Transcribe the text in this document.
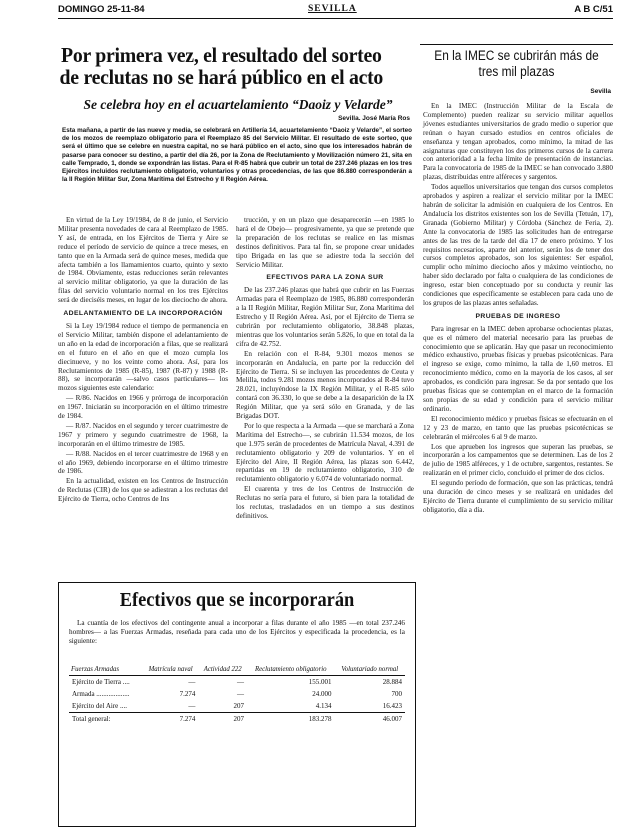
DOMINGO 25-11-84	SEVILLA	A B C/51
Por primera vez, el resultado del sorteo de reclutas no se hará público en el acto
Se celebra hoy en el acuartelamiento “Daoiz y Velarde”
Sevilla. José María Ros
Esta mañana, a partir de las nueve y media, se celebrará en Artillería 14, acuartelamiento “Daoiz y Velarde”, el sorteo de los mozos de reemplazo obligatorio para el Reemplazo 85 del Servicio Militar. El resultado de este sorteo, que será el último que se celebre en nuestra capital, no se hará público en el acto, sino que los interesados habrán de pasarse para conocer su destino, a partir del día 26, por la Zona de Reclutamiento y Movilización número 21, sita en calle Temprado, 1, donde se expondrán las listas. Para el R-85 habrá que cubrir un total de 237.246 plazas en los tres Ejércitos incluidos reclutamiento obligatorio, voluntarios y otras procedencias, de las que 86.880 corresponderán a la II Región Militar Sur, Zona Marítima del Estrecho y II Región Aérea.

En virtud de la Ley 19/1984, de 8 de junio, el Servicio Militar presenta novedades de cara al Reemplazo de 1985. Y así, de entrada, en los Ejércitos de Tierra y Aire se reduce el período de servicio de quince a trece meses, en tanto que en la Armada será de quince meses, medida que afecta también a los llamamientos cuarto, quinto y sexto de 1984. Obviamente, estas reducciones serán relevantes al servicio militar obligatorio, ya que la duración de las filas del servicio voluntario normal en los tres Ejércitos será de dieciséis meses, en lugar de los dieciocho de ahora.

ADELANTAMIENTO DE LA INCORPORACIÓN

Si la Ley 19/1984 reduce el tiempo de permanencia en el Servicio Militar, también dispone el adelantamiento de un año en la edad de incorporación a filas, que se realizará en el futuro en el año en que el mozo cumpla los diecinueve, y no los veinte como ahora. Así, para los Reclutamientos de 1985 (R-85), 1987 (R-87) y 1988 (R-88), se incorporarán —salvo casos particulares— los mozos siguientes este calendario:

— R/86. Nacidos en 1966 y prórroga de incorporación en 1967. Iniciarán su incorporación en el último trimestre de 1984.

— R/87. Nacidos en el segundo y tercer cuatrimestre de 1967 y primero y segundo cuatrimestre de 1968, la incorporarán en el último trimestre de 1985.

— R/88. Nacidos en el tercer cuatrimestre de 1968 y en el año 1969, debiendo incorporarse en el último trimestre de 1986.

En la actualidad, existen en los Centros de Instrucción de Reclutas (CIR) de los que se adiestran a los reclutas del Ejército de Tierra, ocho Centros de Ins

trucción, y en un plazo que desaparecerán —en 1985 lo hará el de Obejo— progresivamente, ya que se pretende que la preparación de los reclutas se realice en las mismas destinos definitivos. Para tal fin, se propone crear unidades tipo Brigada en las que se adiestre toda la sección del Servicio Militar.

EFECTIVOS PARA LA ZONA SUR

De las 237.246 plazas que habrá que cubrir en las Fuerzas Armadas para el Reemplazo de 1985, 86.880 corresponderán a la II Región Militar, Región Militar Sur, Zona Marítima del Estrecho y II Región Aérea. Así, por el Ejército de Tierra se cubrirán por reclutamiento obligatorio, 38.848 plazas, mientras que los voluntarios serán 5.826, lo que en total da la cifra de 42.752.

En relación con el R-84, 9.301 mozos menos se incorporarán en Andalucía, en parte por la reducción del Ejército de Tierra. Si se incluyen las procedentes de Ceuta y Melilla, todos 9.281 mozos menos incorporados al R-84 tuvo 28.021, incluyéndose la IX Región Militar, y el R-85 sólo contará con 36.330, lo que se debe a la desaparición de la IX Región Militar, que ya será sólo en Granada, y de las Brigadas DOT.

Por lo que respecta a la Armada —que se marchará a Zona Marítima del Estrecho—, se cubrirán 11.534 mozos, de los que 1.975 serán de procedentes de Matrícula Naval, 4.391 de reclutamiento obligatorio y 209 de voluntarios. Y en el Ejército del Aire, II Región Aérea, las plazas son 6.442, repartidas en 19 de reclutamiento obligatorio, 310 de reclutamiento obligatorio y 6.074 de voluntariado normal.

El cuarenta y tres de los Centros de Instrucción de Reclutas no sería para el futuro, si bien para la totalidad de los reclutas, trasladados en un tiempo a sus destinos definitivos.

En la IMEC se cubrirán más de tres mil plazas
Sevilla

En la IMEC (Instrucción Militar de la Escala de Complemento) pueden realizar su servicio militar aquellos jóvenes estudiantes universitarios de grado medio o superior que reúnan o hayan cursado estudios en centros oficiales de enseñanza y tengan aprobados, como mínimo, la mitad de las asignaturas que constituyen los dos primeros cursos de la carrera con anterioridad a la fecha límite de presentación de instancias. Para la convocatoria de 1985 de la IMEC se han convocado 3.880 plazas, distribuidas entre alféreces y sargentos.

Todos aquellos universitarios que tengan dos cursos completos aprobados y aspiren a realizar el servicio militar por la IMEC habrán de solicitar la admisión en cualquiera de los Centros. En Andalucía los distritos existentes son los de Sevilla (Tetuán, 17), Granada (Gobierno Militar) y Córdoba (Sánchez de Feria, 2). Ante la convocatoria de 1985 las solicitudes han de entregarse antes de las tres de la tarde del día 17 de enero próximo. Y los requisitos necesarios, aparte del anterior, serán los de tener dos cursos completos aprobados, son los siguientes: Ser español, cumplir ocho mínimo dieciocho años y máximo veintiocho, no haber sido declarado por falta o cualquiera de las condiciones de ingreso, estar bien conceptuado por su conducta y reunir las condiciones que específicamente se establecen para cada uno de los grupos de las plazas antes señaladas.

PRUEBAS DE INGRESO

Para ingresar en la IMEC deben aprobarse ochocientas plazas, que es el número del material necesario para las pruebas de conocimiento que se aplicarán. Hay que pasar un reconocimiento médico exhaustivo, pruebas físicas y pruebas psicotécnicas. Para el ingreso se exige, como mínimo, la talla de 1,60 metros. El reconocimiento médico, como en la mayoría de los casos, al ser aprobados, es condición para ingresar. Se da por sentado que los pruebas físicas que se contemplan en el marco de la formación son propias de su edad y condición para el servicio militar ordinario.

El reconocimiento médico y pruebas físicas se efectuarán en el 12 y 23 de marzo, en tanto que las pruebas psicotécnicas se celebrarán el miércoles 6 al 9 de marzo.

Los que aprueben los ingresos que superan las pruebas, se incorporarán a los campamentos que se determinen. Las de los 2 de julio de 1985 alféreces, y 1 de octubre, sargentos, restantes. Se realizarán en el primer ciclo, concluido el primer de dos ciclos.

El segundo período de formación, que son las prácticas, tendrá una duración de cinco meses y se realizará en unidades del Ejército de Tierra durante el cumplimiento de su servicio militar obligatorio, día a día.

Efectivos que se incorporarán
La cuantía de los efectivos del contingente anual a incorporar a filas durante el año 1985 —en total 237.246 hombres— a las Fuerzas Armadas, reseñada para cada uno de los Ejércitos y especificada la procedencia, es la siguiente:
Fuerzas Armadas	Matrícula naval	Actividad 222	Reclutamiento obligatorio	Voluntariado normal
Ejército de Tierra ....	—	—	155.001	28.884
Armada ...................	7.274	—	24.000	700
Ejército del Aire ....	—	207	4.134	16.423
Total general:	7.274	207	183.278	46.007
